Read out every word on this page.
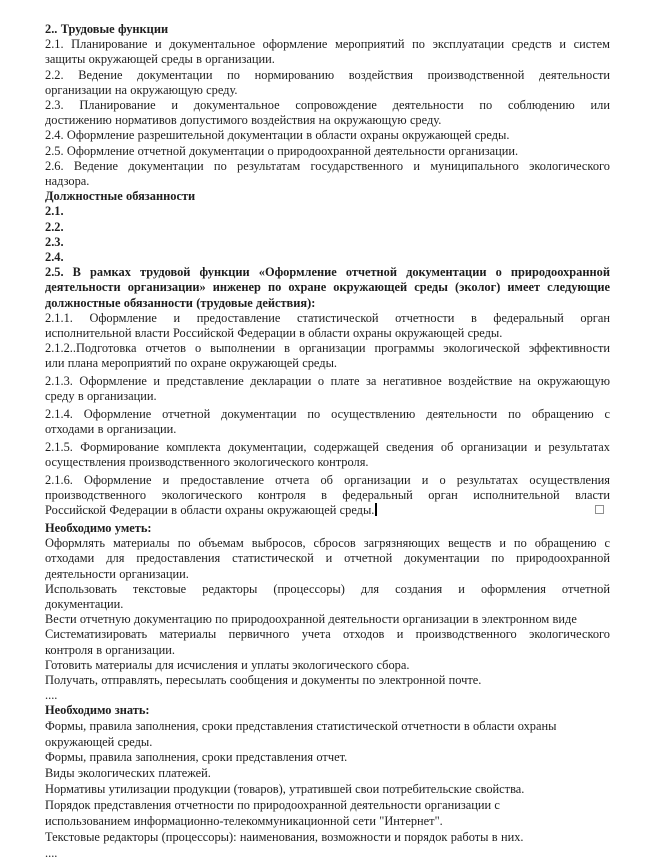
2.. Трудовые функции
2.1. Планирование и документальное оформление мероприятий по эксплуатации средств и систем
защиты окружающей среды в организации.
2.2. Ведение документации по нормированию воздействия производственной деятельности
организации на окружающую среду.
2.3. Планирование и документальное сопровождение деятельности по соблюдению или
достижению нормативов допустимого воздействия на окружающую среду.
2.4. Оформление разрешительной документации в области охраны окружающей среды.
2.5. Оформление отчетной документации о природоохранной деятельности организации.
2.6. Ведение документации по результатам государственного и муниципального экологического
надзора.
Должностные обязанности
2.1.
2.2.
2.3.
2.4.
2.5. В рамках трудовой функции «Оформление отчетной документации о природоохранной
деятельности организации» инженер по охране окружающей среды (эколог) имеет следующие
должностные обязанности (трудовые действия):
2.1.1. Оформление и предоставление статистической отчетности в федеральный орган
исполнительной власти Российской Федерации в области охраны окружающей среды.
2.1.2..Подготовка отчетов о выполнении в организации программы экологической эффективности
или плана мероприятий по охране окружающей среды.
2.1.3. Оформление и представление декларации о плате за негативное воздействие на окружающую
среду в организации.
2.1.4. Оформление отчетной документации по осуществлению деятельности по обращению с
отходами в организации.
2.1.5. Формирование комплекта документации, содержащей сведения об организации и результатах
осуществления производственного экологического контроля.
2.1.6. Оформление и предоставление отчета об организации и о результатах осуществления
производственного экологического контроля в федеральный орган исполнительной власти
Российской Федерации в области охраны окружающей среды.
Необходимо уметь:
Оформлять материалы по объемам выбросов, сбросов загрязняющих веществ и по обращению с
отходами для предоставления статистической и отчетной документации по природоохранной
деятельности организации.
Использовать текстовые редакторы (процессоры) для создания и оформления отчетной
документации.
Вести отчетную документацию по природоохранной деятельности организации в электронном виде
Систематизировать материалы первичного учета отходов и производственного экологического
контроля в организации.
Готовить материалы для исчисления и уплаты экологического сбора.
Получать, отправлять, пересылать сообщения и документы по электронной почте.
....
Необходимо знать:
Формы, правила заполнения, сроки представления статистической отчетности в области охраны
окружающей среды.
Формы, правила заполнения, сроки представления отчет.
Виды экологических платежей.
Нормативы утилизации продукции (товаров), утратившей свои потребительские свойства.
Порядок представления отчетности по природоохранной деятельности организации с
использованием информационно-телекоммуникационной сети "Интернет".
Текстовые редакторы (процессоры): наименования, возможности и порядок работы в них.
....
